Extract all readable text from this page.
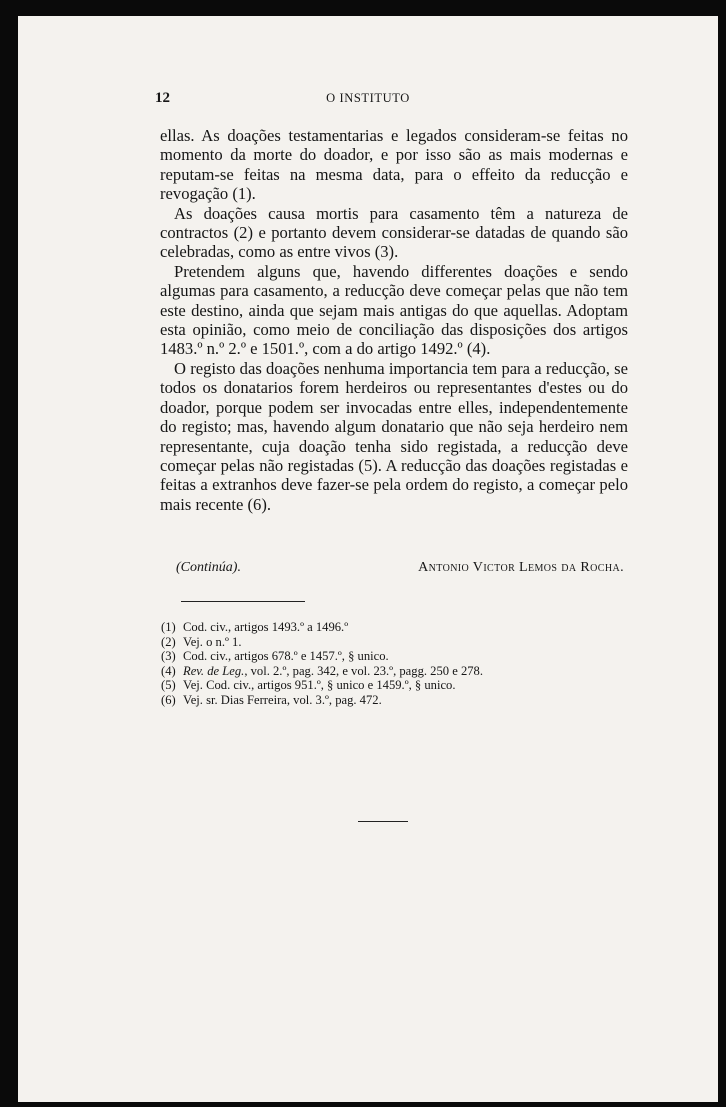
12	O INSTITUTO

ellas. As doações testamentarias e legados consideram-se feitas no momento da morte do doador, e por isso são as mais modernas e reputam-se feitas na mesma data, para o effeito da reducção e revogação (1).

As doações causa mortis para casamento têm a natureza de contractos (2) e portanto devem considerar-se datadas de quando são celebradas, como as entre vivos (3).

Pretendem alguns que, havendo differentes doações e sendo algumas para casamento, a reducção deve começar pelas que não tem este destino, ainda que sejam mais antigas do que aquellas. Adoptam esta opinião, como meio de conciliação das disposições dos artigos 1483.º n.º 2.º e 1501.º, com a do artigo 1492.º (4).

O registo das doações nenhuma importancia tem para a reducção, se todos os donatarios forem herdeiros ou representantes d'estes ou do doador, porque podem ser invocadas entre elles, independentemente do registo; mas, havendo algum donatario que não seja herdeiro nem representante, cuja doação tenha sido registada, a reducção deve começar pelas não registadas (5). A reducção das doações registadas e feitas a extranhos deve fazer-se pela ordem do registo, a começar pelo mais recente (6).

(Continúa).	Antonio Victor Lemos da Rocha.
(1) Cod. civ., artigos 1493.º a 1496.º
(2) Vej. o n.º 1.
(3) Cod. civ., artigos 678.º e 1457.º, § unico.
(4) Rev. de Leg., vol. 2.º, pag. 342, e vol. 23.º, pagg. 250 e 278.
(5) Vej. Cod. civ., artigos 951.º, § unico e 1459.º, § unico.
(6) Vej. sr. Dias Ferreira, vol. 3.º, pag. 472.
